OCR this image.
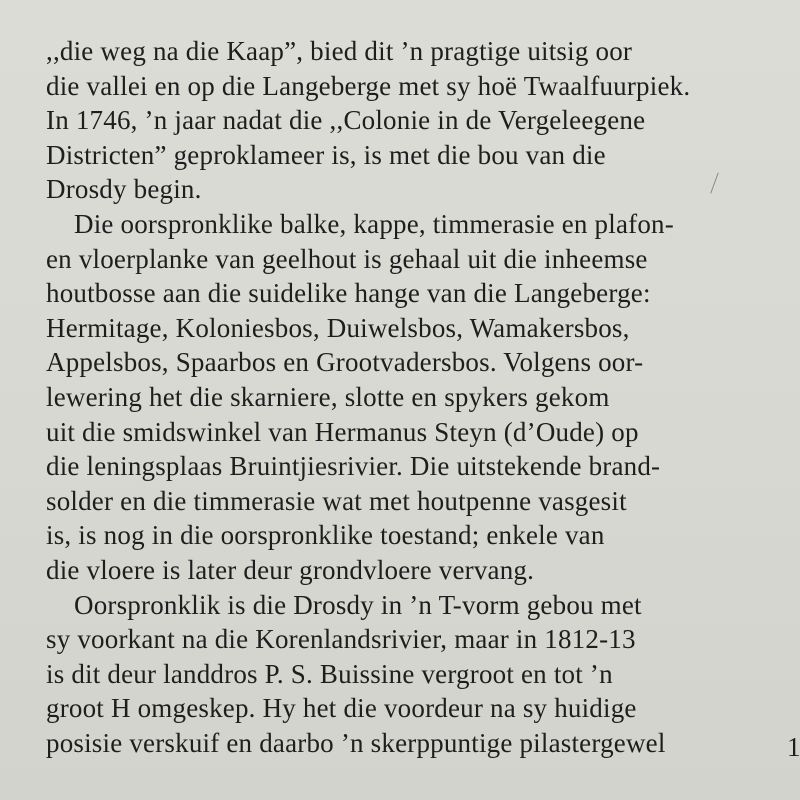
,,die weg na die Kaap”, bied dit ’n pragtige uitsig oor
die vallei en op die Langeberge met sy hoë Twaalfuurpiek.
In 1746, ’n jaar nadat die ,,Colonie in de Vergeleegene
Districten” geproklameer is, is met die bou van die
Drosdy begin.
Die oorspronklike balke, kappe, timmerasie en plafon-
en vloerplanke van geelhout is gehaal uit die inheemse
houtbosse aan die suidelike hange van die Langeberge:
Hermitage, Koloniesbos, Duiwelsbos, Wamakersbos,
Appelsbos, Spaarbos en Grootvadersbos. Volgens oor-
lewering het die skarniere, slotte en spykers gekom
uit die smidswinkel van Hermanus Steyn (d’Oude) op
die leningsplaas Bruintjiesrivier. Die uitstekende brand-
solder en die timmerasie wat met houtpenne vasgesit
is, is nog in die oorspronklike toestand; enkele van
die vloere is later deur grondvloere vervang.
Oorspronklik is die Drosdy in ’n T-vorm gebou met
sy voorkant na die Korenlandsrivier, maar in 1812-13
is dit deur landdros P. S. Buissine vergroot en tot ’n
groot H omgeskep. Hy het die voordeur na sy huidige
posisie verskuif en daarbo ’n skerppuntige pilastergewel	1
